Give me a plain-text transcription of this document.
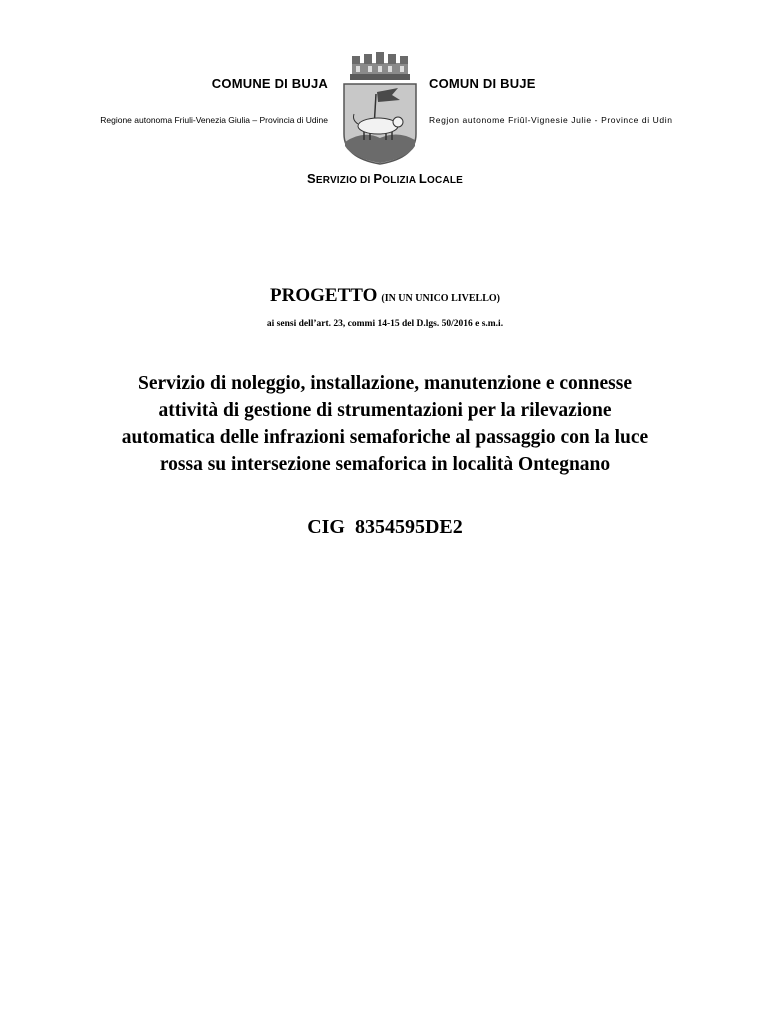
COMUNE DI BUJA
Regione autonoma Friuli-Venezia Giulia – Provincia di Udine
COMUN DI BUJE
Regjon autonome Friûl-Vignesie Julie - Province di Udin
SERVIZIO DI POLIZIA LOCALE
PROGETTO (IN UN UNICO LIVELLO)
ai sensi dell’art. 23, commi 14-15 del D.lgs. 50/2016 e s.m.i.
Servizio di noleggio, installazione, manutenzione e connesse
attività di gestione di strumentazioni per la rilevazione
automatica delle infrazioni semaforiche al passaggio con la luce
rossa su intersezione semaforica in località Ontegnano
CIG  8354595DE2
